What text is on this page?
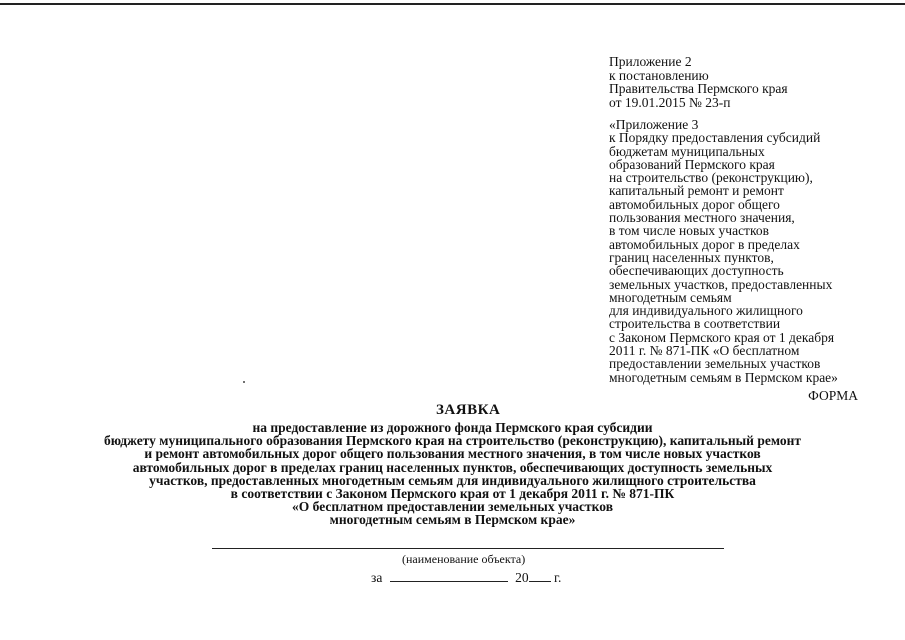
Приложение 2
к постановлению
Правительства Пермского края
от 19.01.2015 № 23-п
«Приложение 3
к Порядку предоставления субсидий
бюджетам муниципальных
образований Пермского края
на строительство (реконструкцию),
капитальный ремонт и ремонт
автомобильных дорог общего
пользования местного значения,
в том числе новых участков
автомобильных дорог в пределах
границ населенных пунктов,
обеспечивающих доступность
земельных участков, предоставленных
многодетным семьям
для индивидуального жилищного
строительства в соответствии
с Законом Пермского края от 1 декабря
2011 г. № 871-ПК «О бесплатном
предоставлении земельных участков
многодетным семьям в Пермском крае»
ФОРМА
ЗАЯВКА
на предоставление из дорожного фонда Пермского края субсидии
бюджету муниципального образования Пермского края на строительство (реконструкцию), капитальный ремонт
и ремонт автомобильных дорог общего пользования местного значения, в том числе новых участков
автомобильных дорог в пределах границ населенных пунктов, обеспечивающих доступность земельных
участков, предоставленных многодетным семьям для индивидуального жилищного строительства
в соответствии с Законом Пермского края от 1 декабря 2011 г. № 871-ПК
«О бесплатном предоставлении земельных участков
многодетным семьям в Пермском крае»
(наименование объекта)
за	20 г.
